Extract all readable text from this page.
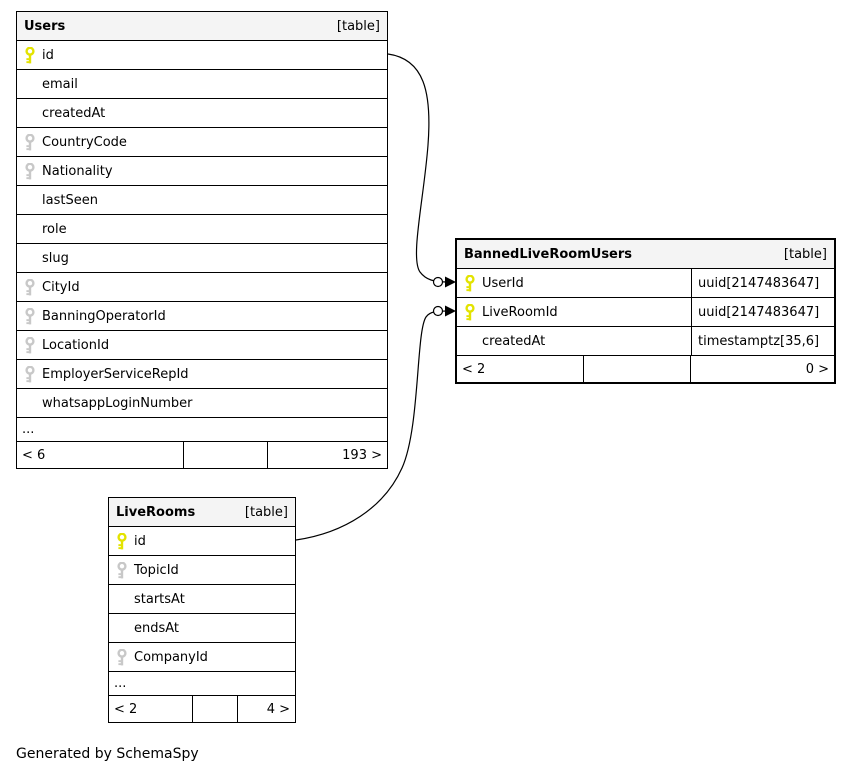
Users	[table]
id
email
createdAt
CountryCode
Nationality
lastSeen
role
slug
CityId
BanningOperatorId
LocationId
EmployerServiceRepId
whatsappLoginNumber
...
< 6	193 >
BannedLiveRoomUsers	[table]
UserId	uuid[2147483647]
LiveRoomId	uuid[2147483647]
createdAt	timestamptz[35,6]
< 2	0 >
LiveRooms	[table]
id
TopicId
startsAt
endsAt
CompanyId
...
< 2	4 >
Generated by SchemaSpy
